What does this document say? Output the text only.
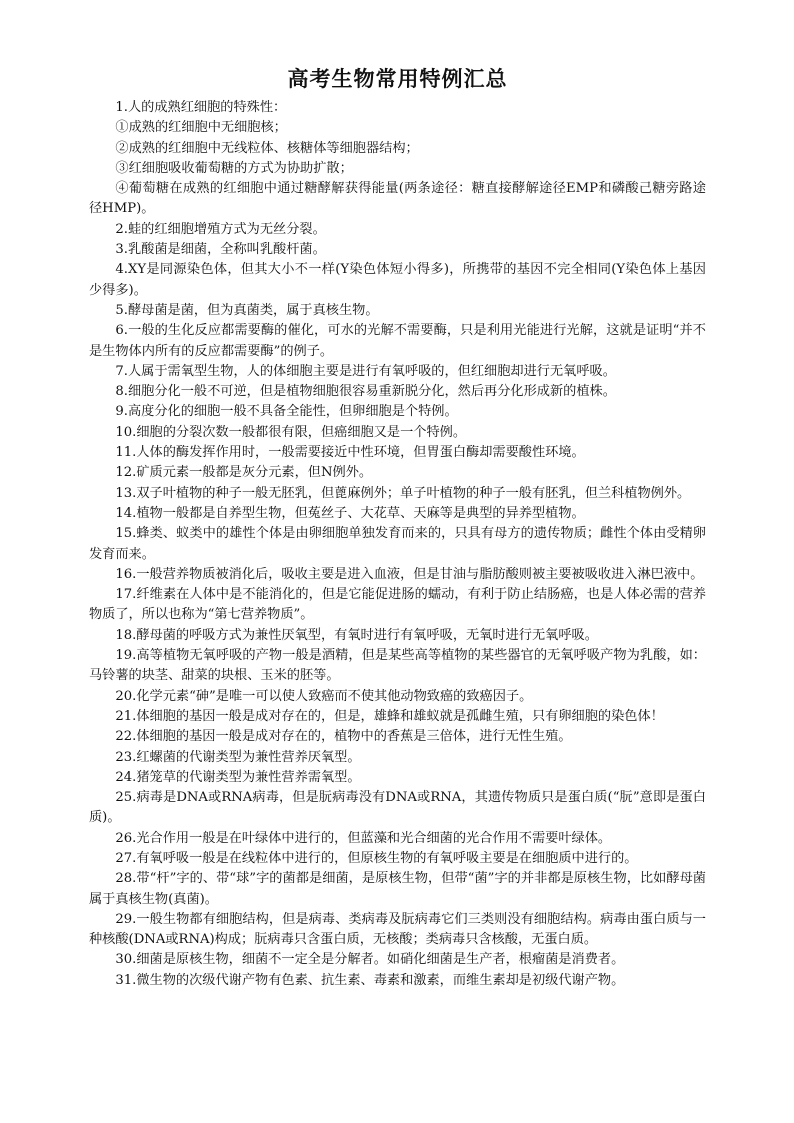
高考生物常用特例汇总

1.人的成熟红细胞的特殊性：

①成熟的红细胞中无细胞核；

②成熟的红细胞中无线粒体、核糖体等细胞器结构；

③红细胞吸收葡萄糖的方式为协助扩散；

④葡萄糖在成熟的红细胞中通过糖酵解获得能量(两条途径：糖直接酵解途径EMP和磷酸己糖旁路途径HMP)。

2.蛙的红细胞增殖方式为无丝分裂。

3.乳酸菌是细菌，全称叫乳酸杆菌。

4.XY是同源染色体，但其大小不一样(Y染色体短小得多)，所携带的基因不完全相同(Y染色体上基因少得多)。

5.酵母菌是菌，但为真菌类，属于真核生物。

6.一般的生化反应都需要酶的催化，可水的光解不需要酶，只是利用光能进行光解，这就是证明“并不是生物体内所有的反应都需要酶”的例子。

7.人属于需氧型生物，人的体细胞主要是进行有氧呼吸的，但红细胞却进行无氧呼吸。

8.细胞分化一般不可逆，但是植物细胞很容易重新脱分化，然后再分化形成新的植株。

9.高度分化的细胞一般不具备全能性，但卵细胞是个特例。

10.细胞的分裂次数一般都很有限，但癌细胞又是一个特例。

11.人体的酶发挥作用时，一般需要接近中性环境，但胃蛋白酶却需要酸性环境。

12.矿质元素一般都是灰分元素，但N例外。

13.双子叶植物的种子一般无胚乳，但蓖麻例外；单子叶植物的种子一般有胚乳，但兰科植物例外。

14.植物一般都是自养型生物，但菟丝子、大花草、天麻等是典型的异养型植物。

15.蜂类、蚁类中的雄性个体是由卵细胞单独发育而来的，只具有母方的遗传物质；雌性个体由受精卵发育而来。

16.一般营养物质被消化后，吸收主要是进入血液，但是甘油与脂肪酸则被主要被吸收进入淋巴液中。

17.纤维素在人体中是不能消化的，但是它能促进肠的蠕动，有利于防止结肠癌，也是人体必需的营养物质了，所以也称为“第七营养物质”。

18.酵母菌的呼吸方式为兼性厌氧型，有氧时进行有氧呼吸，无氧时进行无氧呼吸。

19.高等植物无氧呼吸的产物一般是酒精，但是某些高等植物的某些器官的无氧呼吸产物为乳酸，如：马铃薯的块茎、甜菜的块根、玉米的胚等。

20.化学元素“砷”是唯一可以使人致癌而不使其他动物致癌的致癌因子。

21.体细胞的基因一般是成对存在的，但是，雄蜂和雄蚁就是孤雌生殖，只有卵细胞的染色体！

22.体细胞的基因一般是成对存在的，植物中的香蕉是三倍体，进行无性生殖。

23.红螺菌的代谢类型为兼性营养厌氧型。

24.猪笼草的代谢类型为兼性营养需氧型。

25.病毒是DNA或RNA病毒，但是朊病毒没有DNA或RNA，其遗传物质只是蛋白质(“朊”意即是蛋白质)。

26.光合作用一般是在叶绿体中进行的，但蓝藻和光合细菌的光合作用不需要叶绿体。

27.有氧呼吸一般是在线粒体中进行的，但原核生物的有氧呼吸主要是在细胞质中进行的。

28.带“杆”字的、带“球”字的菌都是细菌，是原核生物，但带“菌”字的并非都是原核生物，比如酵母菌属于真核生物(真菌)。

29.一般生物都有细胞结构，但是病毒、类病毒及朊病毒它们三类则没有细胞结构。病毒由蛋白质与一种核酸(DNA或RNA)构成；朊病毒只含蛋白质，无核酸；类病毒只含核酸，无蛋白质。

30.细菌是原核生物，细菌不一定全是分解者。如硝化细菌是生产者，根瘤菌是消费者。

31.微生物的次级代谢产物有色素、抗生素、毒素和激素，而维生素却是初级代谢产物。
